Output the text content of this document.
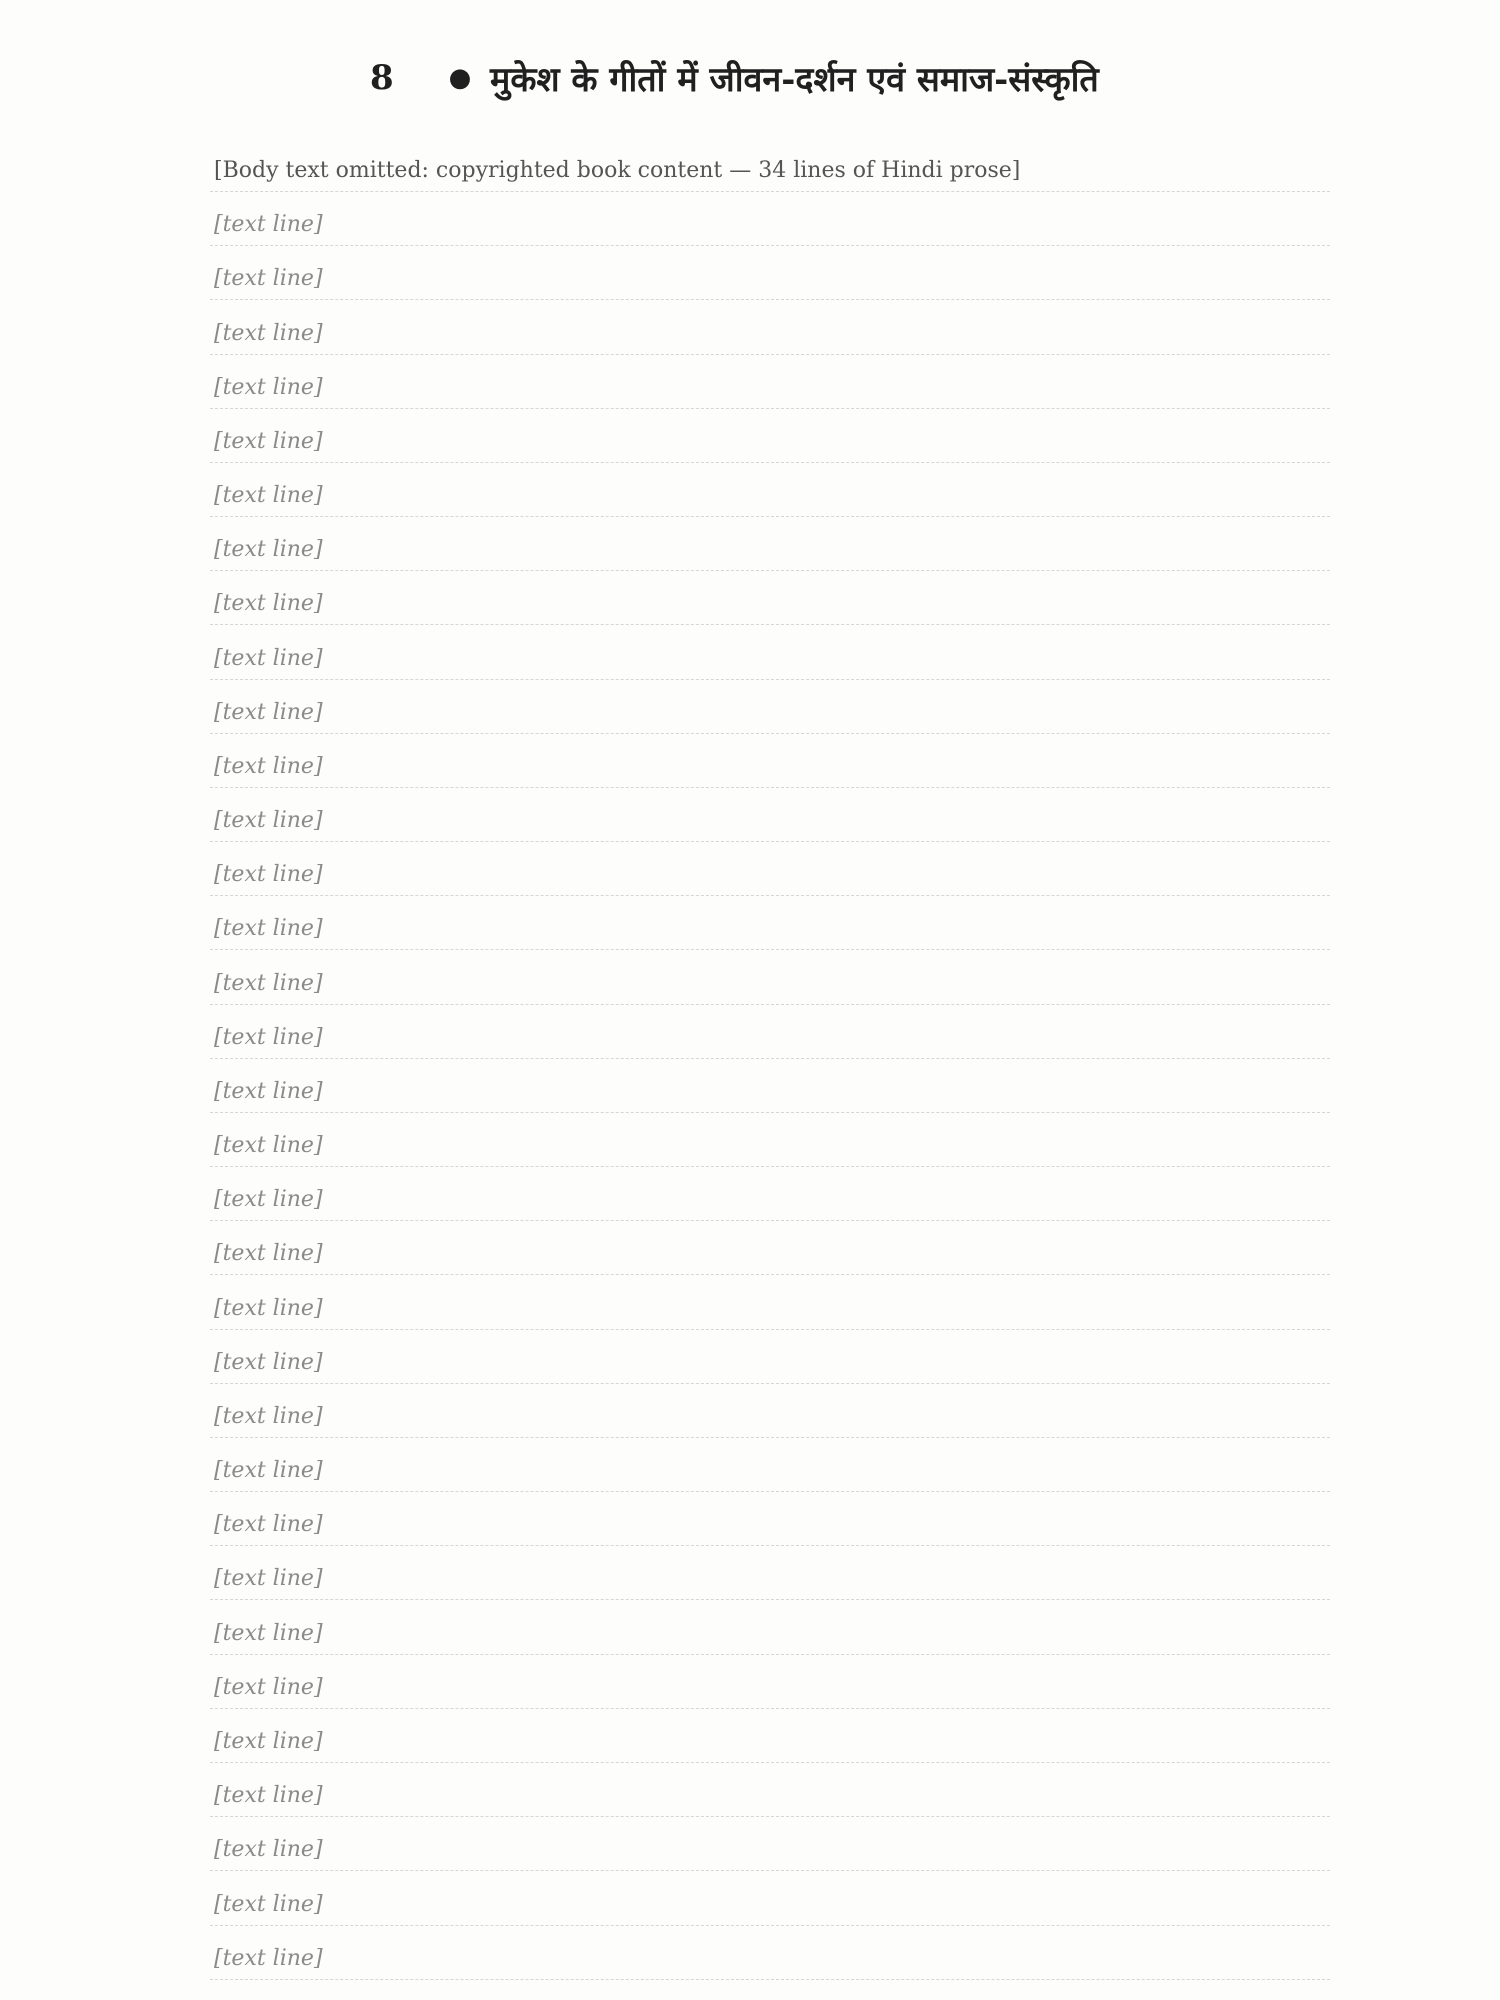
8	● मुकेश के गीतों में जीवन-दर्शन एवं समाज-संस्कृति
[Body text omitted: copyrighted book content — 34 lines of Hindi prose]
[text line]
[text line]
[text line]
[text line]
[text line]
[text line]
[text line]
[text line]
[text line]
[text line]
[text line]
[text line]
[text line]
[text line]
[text line]
[text line]
[text line]
[text line]
[text line]
[text line]
[text line]
[text line]
[text line]
[text line]
[text line]
[text line]
[text line]
[text line]
[text line]
[text line]
[text line]
[text line]
[text line]
